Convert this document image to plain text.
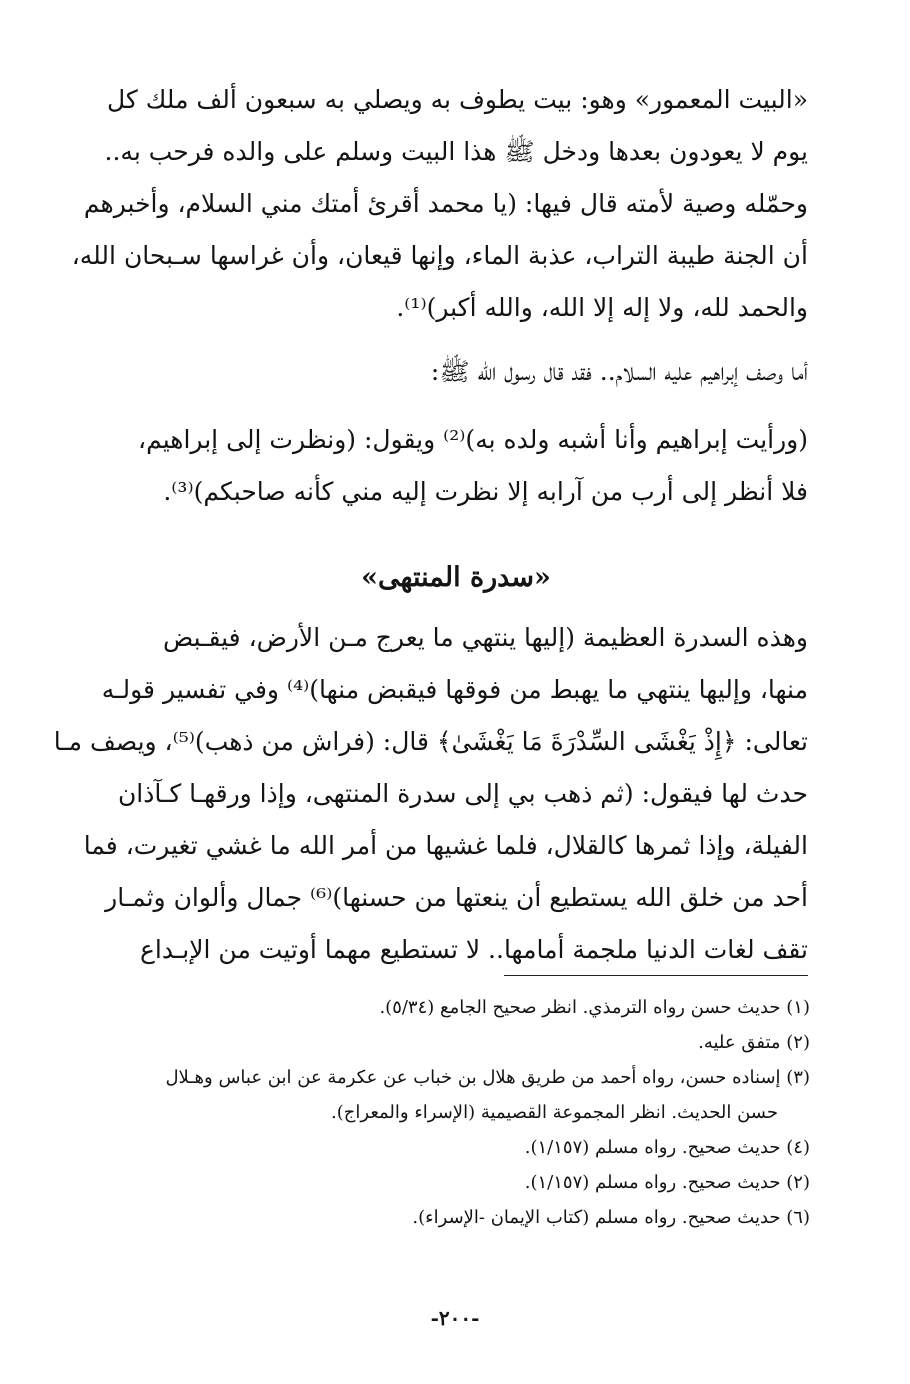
«البيت المعمور» وهو: بيت يطوف به ويصلي به سبعون ألف ملك كل
يوم لا يعودون بعدها ودخل ﷺ هذا البيت وسلم على والده فرحب به..
وحمّله وصية لأمته قال فيها: (يا محمد أقرئ أمتك مني السلام، وأخبرهم
أن الجنة طيبة التراب، عذبة الماء، وإنها قيعان، وأن غراسها سـبحان الله،
والحمد لله، ولا إله إلا الله، والله أكبر)⁽¹⁾.
أما وصف إبراهيم عليه السلام.. فقد قال رسول الله ﷺ:
(ورأيت إبراهيم وأنا أشبه ولده به)⁽²⁾ ويقول: (ونظرت إلى إبراهيم،
فلا أنظر إلى أرب من آرابه إلا نظرت إليه مني كأنه صاحبكم)⁽³⁾.
«سدرة المنتهى»
وهذه السدرة العظيمة (إليها ينتهي ما يعرج مـن الأرض، فيقـبض
منها، وإليها ينتهي ما يهبط من فوقها فيقبض منها)⁽⁴⁾ وفي تفسير قولـه
تعالى: ﴿إِذْ يَغْشَى السِّدْرَةَ مَا يَغْشَىٰ﴾ قال: (فراش من ذهب)⁽⁵⁾، ويصف مـا
حدث لها فيقول: (ثم ذهب بي إلى سدرة المنتهى، وإذا ورقهـا كـآذان
الفيلة، وإذا ثمرها كالقلال، فلما غشيها من أمر الله ما غشي تغيرت، فما
أحد من خلق الله يستطيع أن ينعتها من حسنها)⁽⁶⁾ جمال وألوان وثمـار
تقف لغات الدنيا ملجمة أمامها.. لا تستطيع مهما أوتيت من الإبـداع
(١) حديث حسن رواه الترمذي. انظر صحيح الجامع (٥/٣٤).
(٢) متفق عليه.
(٣) إسناده حسن، رواه أحمد من طريق هلال بن خباب عن عكرمة عن ابن عباس وهـلال
حسن الحديث. انظر المجموعة القصيمية (الإسراء والمعراج).
(٤) حديث صحيح. رواه مسلم (١/١٥٧).
(٢) حديث صحيح. رواه مسلم (١/١٥٧).
(٦) حديث صحيح. رواه مسلم (كتاب الإيمان -الإسراء).
-٢٠٠-
